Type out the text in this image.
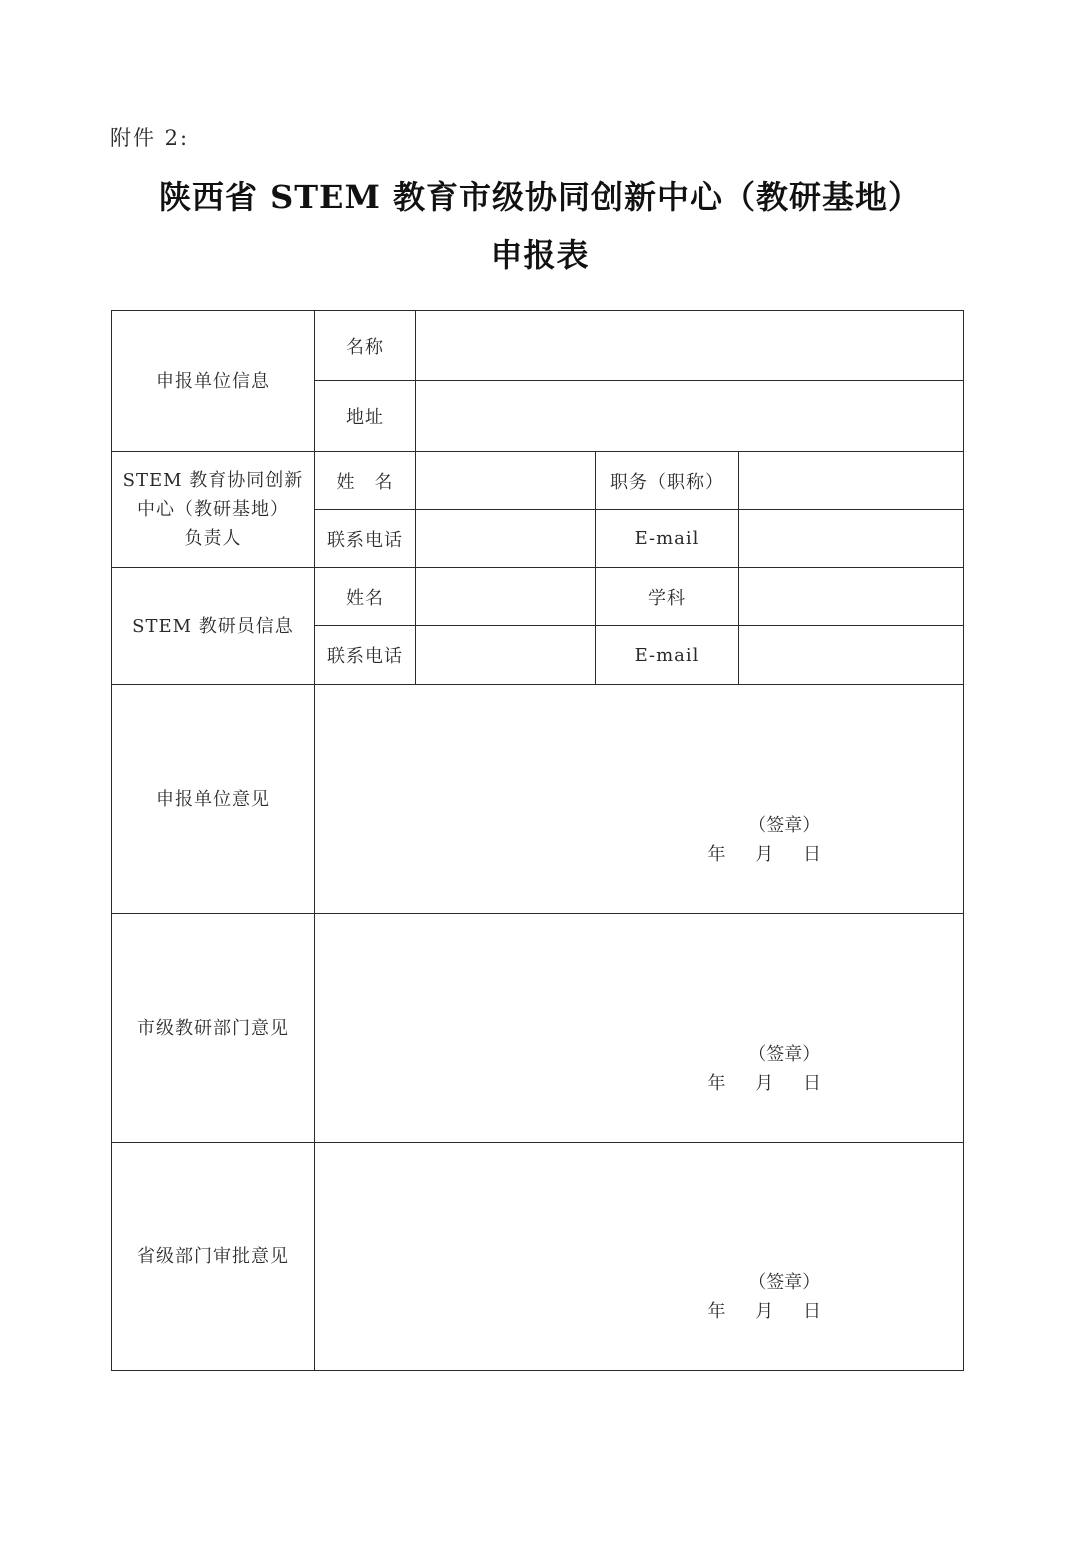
附件 2:
陕西省 STEM 教育市级协同创新中心（教研基地）
申报表
申报单位信息	名称			
	地址			

STEM 教育协同创新
中心（教研基地）
负责人	姓　名		职务（职称）	
	联系电话		E-mail	
STEM 教研员信息	姓名		学科	
	联系电话		E-mail	
申报单位意见	（签章）
年 月 日			

市级教研部门意见	（签章）
年 月 日			

省级部门审批意见	（签章）
年 月 日			
